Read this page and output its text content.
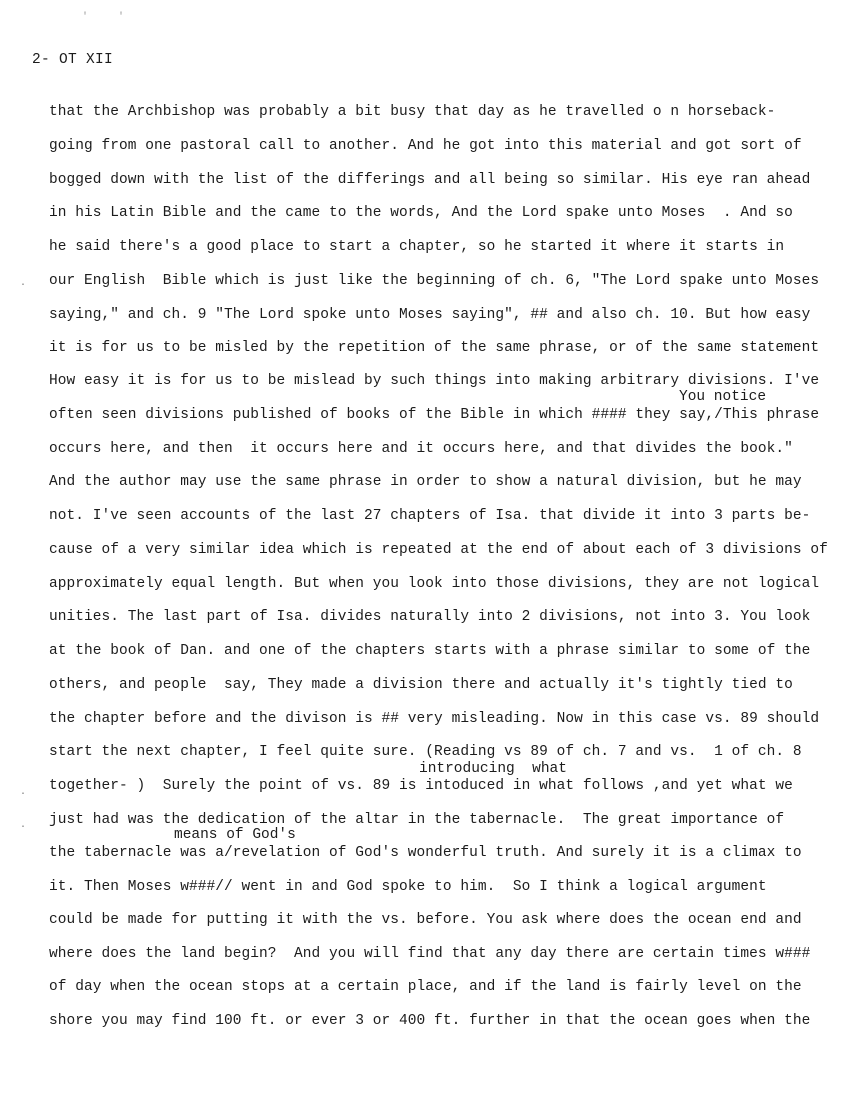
' '
2- OT XII
that the Archbishop was probably a bit busy that day as he travelled o n horseback-
going from one pastoral call to another. And he got into this material and got sort of
bogged down with the list of the differings and all being so similar. His eye ran ahead
in his Latin Bible and the came to the words, And the Lord spake unto Moses  . And so
he said there's a good place to start a chapter, so he started it where it starts in
our English  Bible which is just like the beginning of ch. 6, "The Lord spake unto Moses
saying," and ch. 9 "The Lord spoke unto Moses saying", ## and also ch. 10. But how easy
it is for us to be misled by the repetition of the same phrase, or of the same statement
How easy it is for us to be mislead by such things into making arbitrary divisions. I've
You notice
often seen divisions published of books of the Bible in which #### they say,/This phrase
occurs here, and then  it occurs here and it occurs here, and that divides the book."
And the author may use the same phrase in order to show a natural division, but he may
not. I've seen accounts of the last 27 chapters of Isa. that divide it into 3 parts be-
cause of a very similar idea which is repeated at the end of about each of 3 divisions of
approximately equal length. But when you look into those divisions, they are not logical
unities. The last part of Isa. divides naturally into 2 divisions, not into 3. You look
at the book of Dan. and one of the chapters starts with a phrase similar to some of the
others, and people  say, They made a division there and actually it's tightly tied to
the chapter before and the divison is ## very misleading. Now in this case vs. 89 should
start the next chapter, I feel quite sure. (Reading vs 89 of ch. 7 and vs.  1 of ch. 8
introducing  what
together- )  Surely the point of vs. 89 is intoduced in what follows ,and yet what we
just had was the dedication of the altar in the tabernacle.  The great importance of
means of God's
the tabernacle was a/revelation of God's wonderful truth. And surely it is a climax to
it. Then Moses w###// went in and God spoke to him.  So I think a logical argument
could be made for putting it with the vs. before. You ask where does the ocean end and
where does the land begin?  And you will find that any day there are certain times w###
of day when the ocean stops at a certain place, and if the land is fairly level on the
shore you may find 100 ft. or ever 3 or 400 ft. further in that the ocean goes when the
·
·
·
